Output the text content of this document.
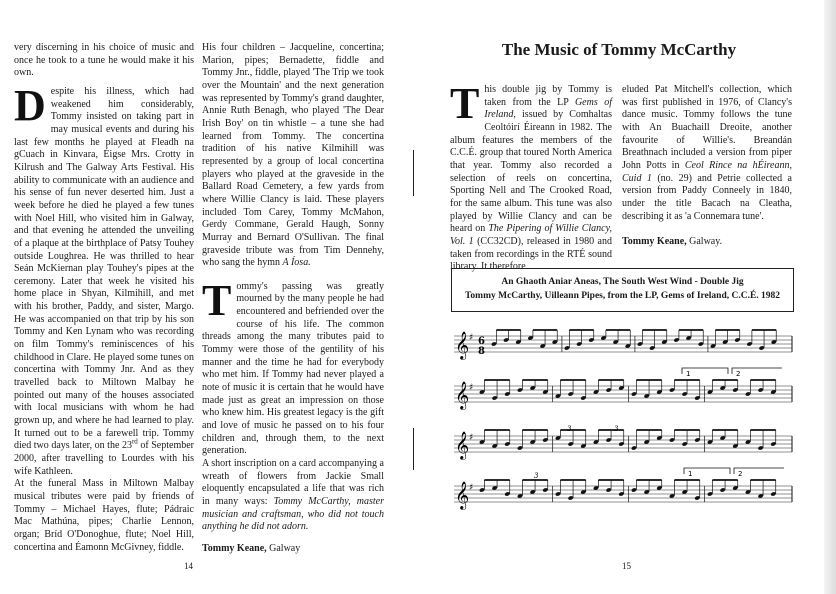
very discerning in his choice of music and once he took to a tune he would make it his own.

Despite his illness, which had weakened him considerably, Tommy insisted on taking part in may musical events and during his last few months he played at Fleadh na gCuach in Kinvara, Éigse Mrs. Crotty in Kilrush and The Galway Arts Festival. His ability to communicate with an audience and his sense of fun never deserted him. Just a week before he died he played a few tunes with Noel Hill, who visited him in Galway, and that evening he attended the unveiling of a plaque at the birthplace of Patsy Touhey outside Loughrea. He was thrilled to hear Seán McKiernan play Touhey's pipes at the ceremony. Later that week he visited his home place in Shyan, Kilmihill, and met with his brother, Paddy, and sister, Margo. He was accompanied on that trip by his son Tommy and Ken Lynam who was recording on film Tommy's reminiscences of his childhood in Clare. He played some tunes on concertina with Tommy Jnr. And as they travelled back to Miltown Malbay he pointed out many of the houses associated with local musicians with whom he had grown up, and where he had learned to play. It turned out to be a farewell trip. Tommy died two days later, on the 23rd of September 2000, after travelling to Lourdes with his wife Kathleen.

At the funeral Mass in Miltown Malbay musical tributes were paid by friends of Tommy – Michael Hayes, flute; Pádraic Mac Mathúna, pipes; Charlie Lennon, organ; Bríd O'Donoghue, flute; Noel Hill, concertina and Éamonn McGivney, fiddle.

His four children – Jacqueline, concertina; Marion, pipes; Bernadette, fiddle and Tommy Jnr., fiddle, played 'The Trip we took over the Mountain' and the next generation was represented by Tommy's grand daughter, Annie Ruth Benagh, who played 'The Dear Irish Boy' on tin whistle – a tune she had learned from Tommy. The concertina tradition of his native Kilmihill was represented by a group of local concertina players who played at the graveside in the Ballard Road Cemetery, a few yards from where Willie Clancy is laid. These players included Tom Carey, Tommy McMahon, Gerdy Commane, Gerald Haugh, Sonny Murray and Bernard O'Sullivan. The final graveside tribute was from Tim Dennehy, who sang the hymn A Íosa.

Tommy's passing was greatly mourned by the many people he had encountered and befriended over the course of his life. The common threads among the many tributes paid to Tommy were those of the gentility of his manner and the time he had for everybody who met him. If Tommy had never played a note of music it is certain that he would have made just as great an impression on those who knew him. His greatest legacy is the gift and love of music he passed on to his four children and, through them, to the next generation.

A short inscription on a card accompanying a wreath of flowers from Jackie Small eloquently encapsulated a life that was rich in many ways: Tommy McCarthy, master musician and craftsman, who did not touch anything he did not adorn.

Tommy Keane, Galway

14	15
The Music of Tommy McCarthy
This double jig by Tommy is taken from the LP Gems of Ireland, issued by Comhaltas Ceoltóirí Éireann in 1982. The album features the members of the C.C.É. group that toured North America that year. Tommy also recorded a selection of reels on concertina, Sporting Nell and The Crooked Road, for the same album. This tune was also played by Willie Clancy and can be heard on The Pipering of Willie Clancy, Vol. 1 (CC32CD), released in 1980 and taken from recordings in the RTÉ sound library. It therefore

eluded Pat Mitchell's collection, which was first published in 1976, of Clancy's dance music. Tommy follows the tune with An Buachaill Dreoite, another favourite of Willie's. Breandán Breathnach included a version from piper John Potts in Ceol Rince na hÉireann, Cuid 1 (no. 29) and Petrie collected a version from Paddy Conneely in 1840, under the title Bacach na Cleatha, describing it as 'a Connemara tune'.

Tommy Keane, Galway.

An Ghaoth Aniar Aneas, The South West Wind - Double Jig
Tommy McCarthy, Uilleann Pipes, from the LP, Gems of Ireland, C.C.É. 1982
𝄞 ♯
𝄞 ♯
𝄞 ♯
𝄞 ♯
6
8
1	2
1	2
3	3
3
